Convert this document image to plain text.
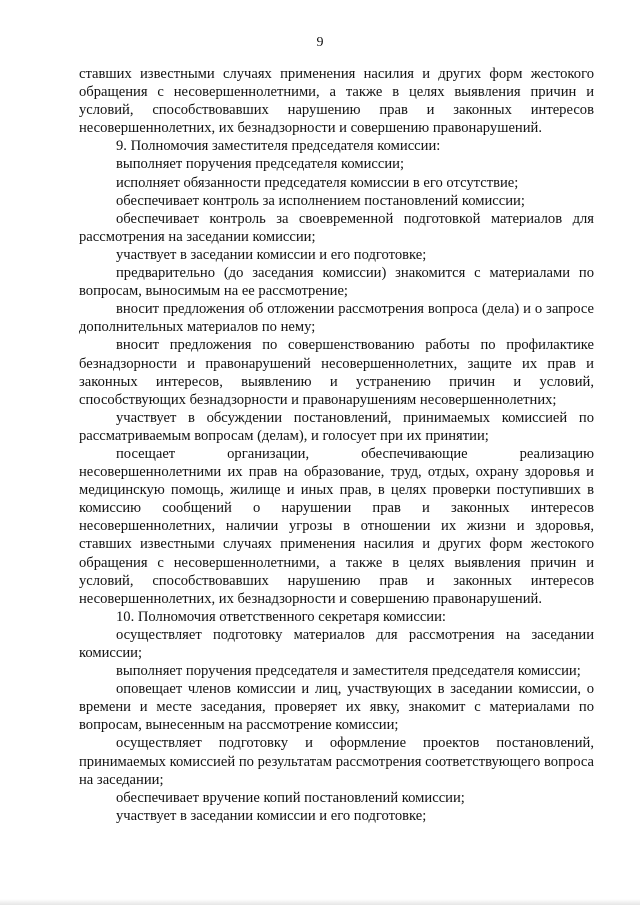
9

ставших известными случаях применения насилия и других форм жестокого обращения с несовершеннолетними, а также в целях выявления причин и условий, способствовавших нарушению прав и законных интересов несовершеннолетних, их безнадзорности и совершению правонарушений.

9. Полномочия заместителя председателя комиссии:

выполняет поручения председателя комиссии;

исполняет обязанности председателя комиссии в его отсутствие;

обеспечивает контроль за исполнением постановлений комиссии;

обеспечивает контроль за своевременной подготовкой материалов для рассмотрения на заседании комиссии;

участвует в заседании комиссии и его подготовке;

предварительно (до заседания комиссии) знакомится с материалами по вопросам, выносимым на ее рассмотрение;

вносит предложения об отложении рассмотрения вопроса (дела) и о запросе дополнительных материалов по нему;

вносит предложения по совершенствованию работы по профилактике безнадзорности и правонарушений несовершеннолетних, защите их прав и законных интересов, выявлению и устранению причин и условий, способствующих безнадзорности и правонарушениям несовершеннолетних;

участвует в обсуждении постановлений, принимаемых комиссией по рассматриваемым вопросам (делам), и голосует при их принятии;

посещает организации, обеспечивающие реализацию несовершеннолетними их прав на образование, труд, отдых, охрану здоровья и медицинскую помощь, жилище и иных прав, в целях проверки поступивших в комиссию сообщений о нарушении прав и законных интересов несовершеннолетних, наличии угрозы в отношении их жизни и здоровья, ставших известными случаях применения насилия и других форм жестокого обращения с несовершеннолетними, а также в целях выявления причин и условий, способствовавших нарушению прав и законных интересов несовершеннолетних, их безнадзорности и совершению правонарушений.

10. Полномочия ответственного секретаря комиссии:

осуществляет подготовку материалов для рассмотрения на заседании комиссии;

выполняет поручения председателя и заместителя председателя комиссии;

оповещает членов комиссии и лиц, участвующих в заседании комиссии, о времени и месте заседания, проверяет их явку, знакомит с материалами по вопросам, вынесенным на рассмотрение комиссии;

осуществляет подготовку и оформление проектов постановлений, принимаемых комиссией по результатам рассмотрения соответствующего вопроса на заседании;

обеспечивает вручение копий постановлений комиссии;

участвует в заседании комиссии и его подготовке;
